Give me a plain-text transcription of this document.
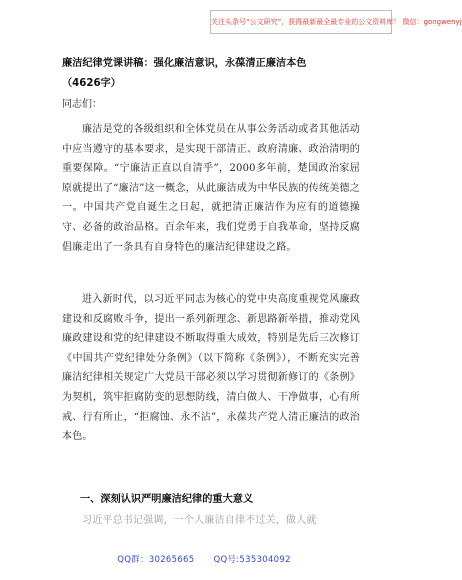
关注头条号“公文研究”，获得最新最全最专业的公文资料库！ 微信：gongwenyj
廉洁纪律党课讲稿：强化廉洁意识，永葆清正廉洁本色
（4626字）
同志们：
廉洁是党的各级组织和全体党员在从事公务活动或者其他活动中应当遵守的基本要求，是实现干部清正、政府清廉、政治清明的重要保障。“宁廉洁正直以自清乎”，2000多年前，楚国政治家屈原就提出了“廉洁”这一概念，从此廉洁成为中华民族的传统美德之一。中国共产党自诞生之日起，就把清正廉洁作为应有的道德操守、必备的政治品格。百余年来，我们党勇于自我革命，坚持反腐倡廉走出了一条具有自身特色的廉洁纪律建设之路。
进入新时代，以习近平同志为核心的党中央高度重视党风廉政建设和反腐败斗争，提出一系列新理念、新思路新举措，推动党风廉政建设和党的纪律建设不断取得重大成效，特别是先后三次修订《中国共产党纪律处分条例》（以下简称《条例》），不断充实完善廉洁纪律相关规定广大党员干部必须以学习贯彻新修订的《条例》为契机，筑牢拒腐防变的思想防线，清白做人、干净做事，心有所戒、行有所止，“拒腐蚀、永不沾”，永葆共产党人清正廉洁的政治本色。
一、深刻认识严明廉洁纪律的重大意义
习近平总书记强调，一个人廉洁自律不过关，做人就
QQ群：30265665 QQ号:535304092
